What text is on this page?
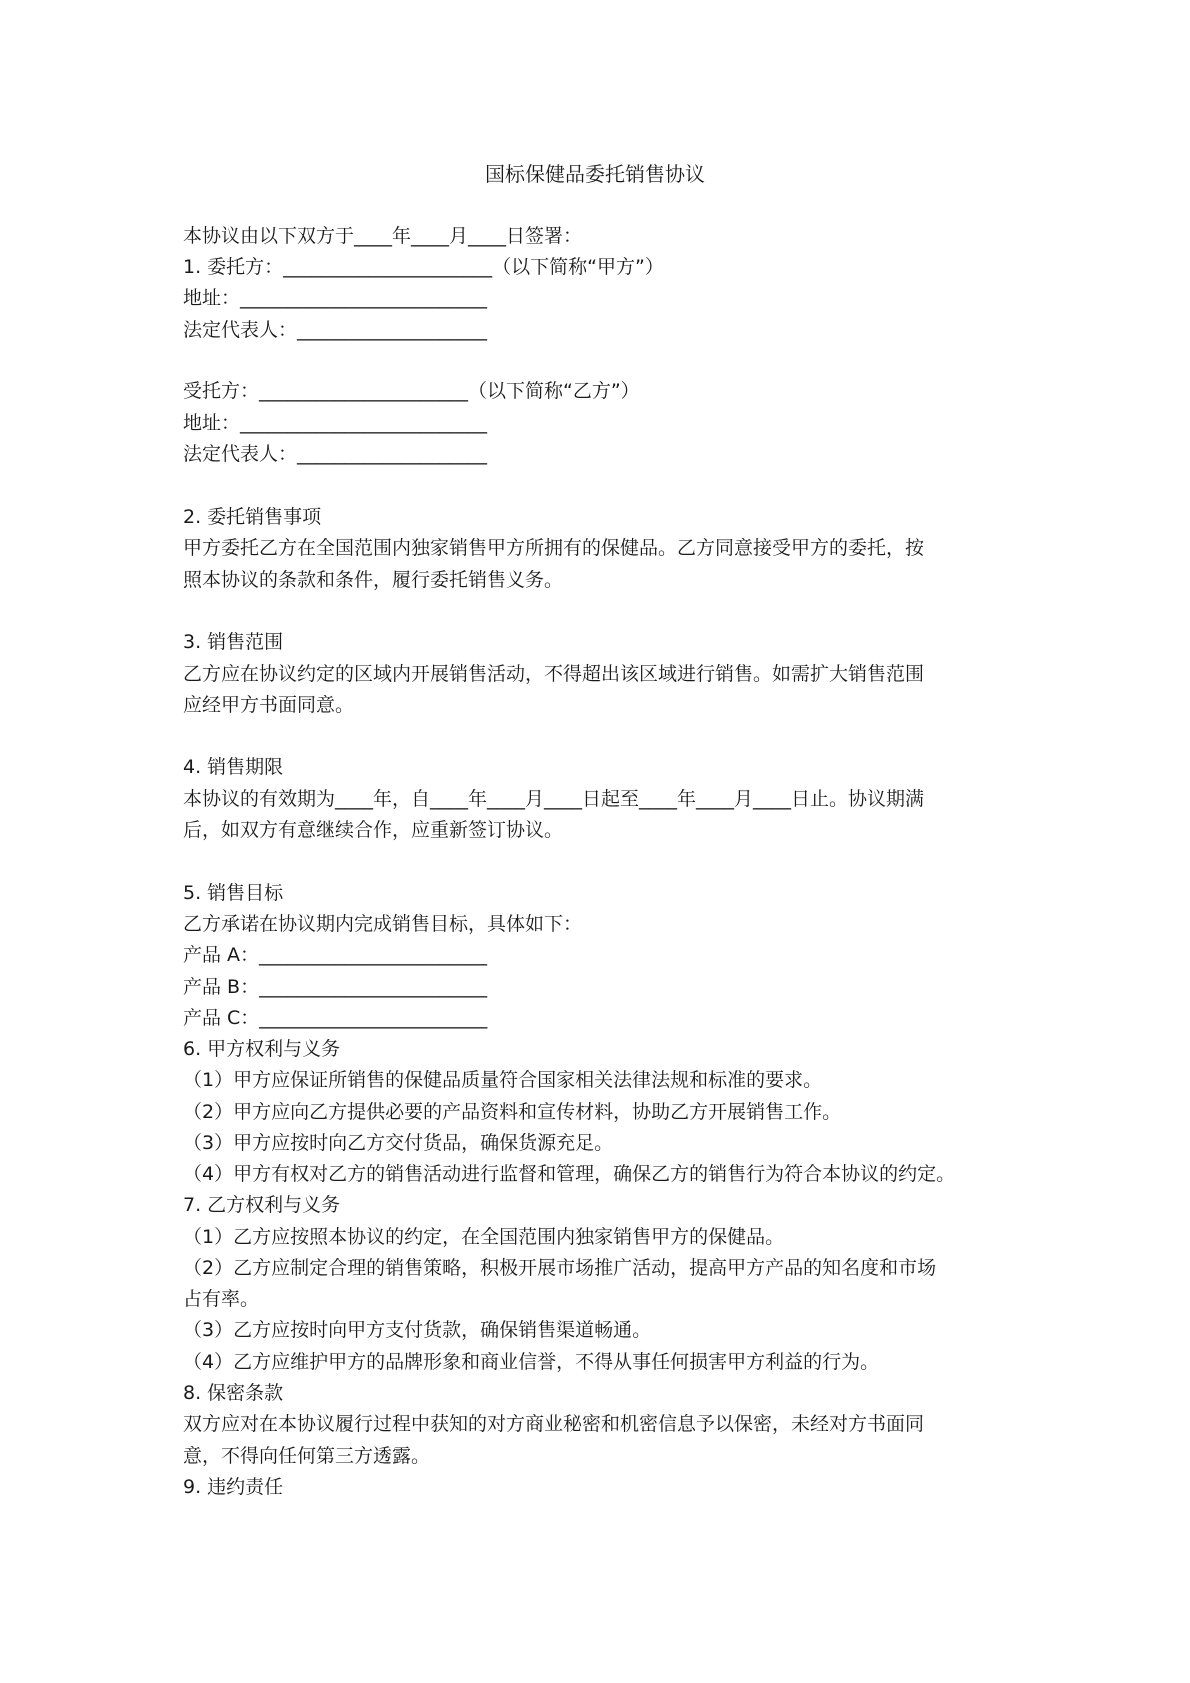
国标保健品委托销售协议
本协议由以下双方于____年____月____日签署：
1. 委托方：______________________（以下简称“甲方”）
地址：__________________________
法定代表人：____________________
受托方：______________________（以下简称“乙方”）
地址：__________________________
法定代表人：____________________
2. 委托销售事项
甲方委托乙方在全国范围内独家销售甲方所拥有的保健品。乙方同意接受甲方的委托，按
照本协议的条款和条件，履行委托销售义务。
3. 销售范围
乙方应在协议约定的区域内开展销售活动，不得超出该区域进行销售。如需扩大销售范围
应经甲方书面同意。
4. 销售期限
本协议的有效期为____年，自____年____月____日起至____年____月____日止。协议期满
后，如双方有意继续合作，应重新签订协议。
5. 销售目标
乙方承诺在协议期内完成销售目标，具体如下：
产品 A：________________________
产品 B：________________________
产品 C：________________________
6. 甲方权利与义务
（1）甲方应保证所销售的保健品质量符合国家相关法律法规和标准的要求。
（2）甲方应向乙方提供必要的产品资料和宣传材料，协助乙方开展销售工作。
（3）甲方应按时向乙方交付货品，确保货源充足。
（4）甲方有权对乙方的销售活动进行监督和管理，确保乙方的销售行为符合本协议的约定。
7. 乙方权利与义务
（1）乙方应按照本协议的约定，在全国范围内独家销售甲方的保健品。
（2）乙方应制定合理的销售策略，积极开展市场推广活动，提高甲方产品的知名度和市场
占有率。
（3）乙方应按时向甲方支付货款，确保销售渠道畅通。
（4）乙方应维护甲方的品牌形象和商业信誉，不得从事任何损害甲方利益的行为。
8. 保密条款
双方应对在本协议履行过程中获知的对方商业秘密和机密信息予以保密，未经对方书面同
意，不得向任何第三方透露。
9. 违约责任
